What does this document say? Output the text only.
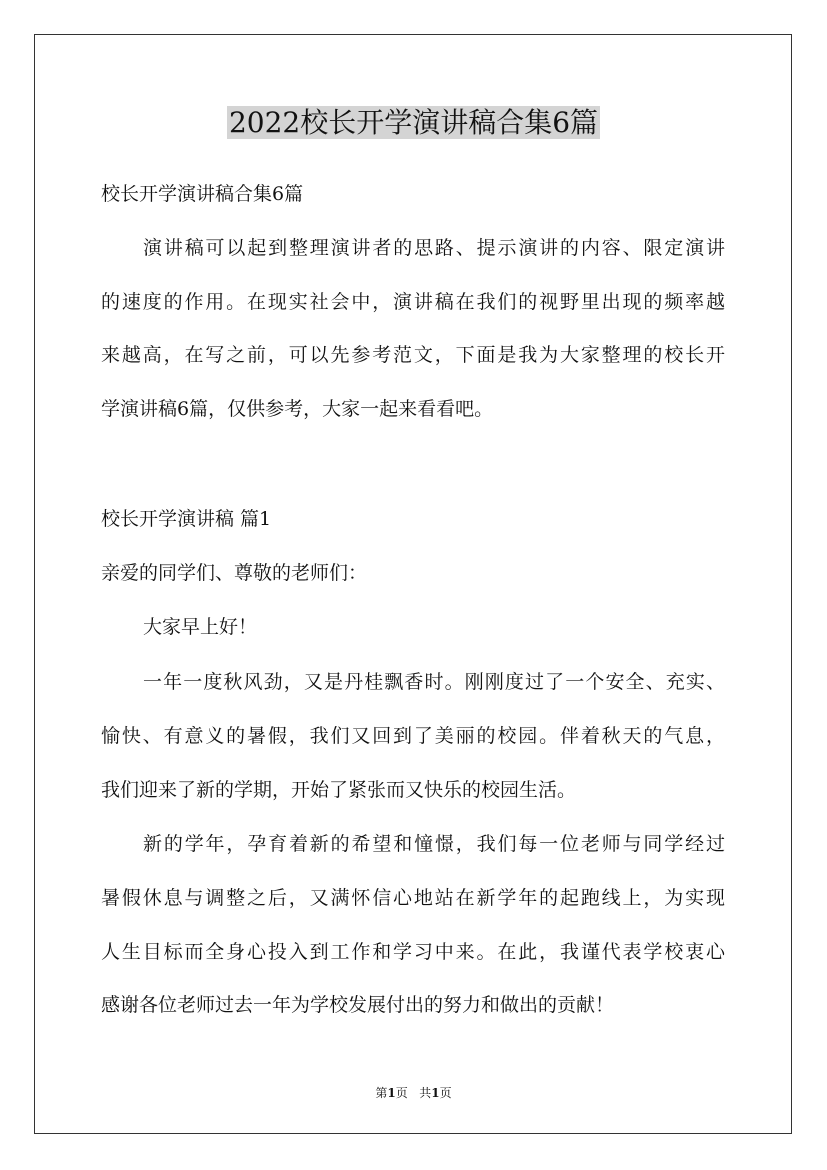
2022校长开学演讲稿合集6篇
校长开学演讲稿合集6篇
演讲稿可以起到整理演讲者的思路、提示演讲的内容、限定演讲
的速度的作用。在现实社会中，演讲稿在我们的视野里出现的频率越
来越高，在写之前，可以先参考范文，下面是我为大家整理的校长开
学演讲稿6篇，仅供参考，大家一起来看看吧。
校长开学演讲稿 篇1
亲爱的同学们、尊敬的老师们：
大家早上好！
一年一度秋风劲，又是丹桂飘香时。刚刚度过了一个安全、充实、
愉快、有意义的暑假，我们又回到了美丽的校园。伴着秋天的气息，
我们迎来了新的学期，开始了紧张而又快乐的校园生活。
新的学年，孕育着新的希望和憧憬，我们每一位老师与同学经过
暑假休息与调整之后，又满怀信心地站在新学年的起跑线上，为实现
人生目标而全身心投入到工作和学习中来。在此，我谨代表学校衷心
感谢各位老师过去一年为学校发展付出的努力和做出的贡献！
第1页 共1页
